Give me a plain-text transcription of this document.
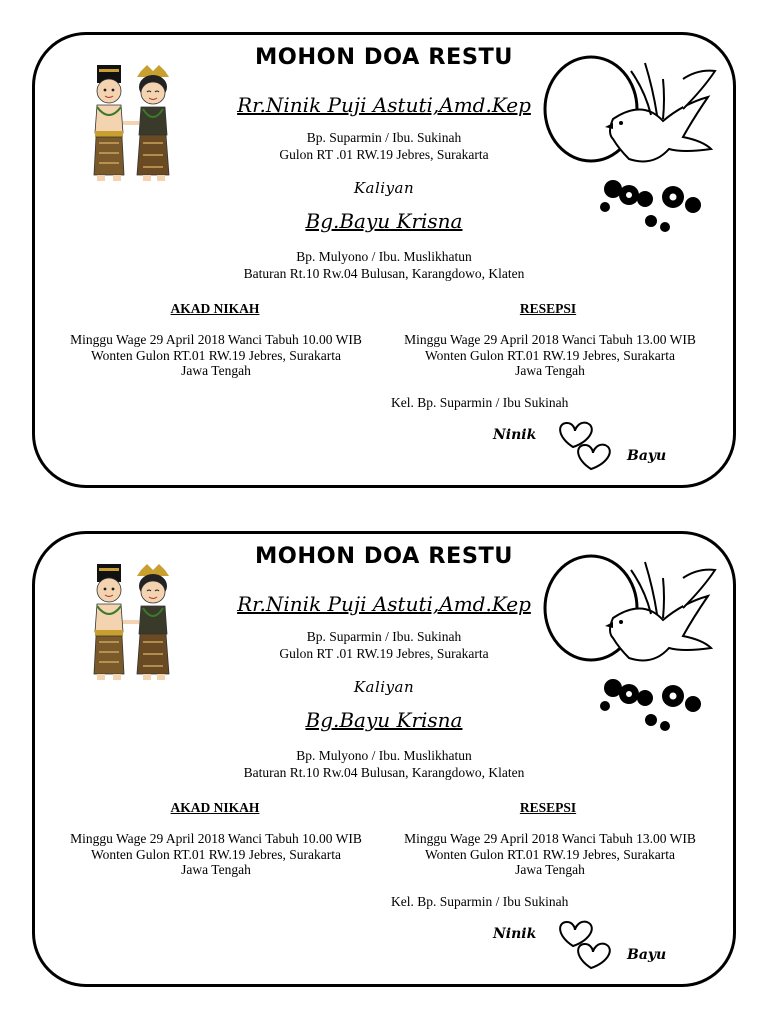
MOHON DOA RESTU
Rr.Ninik Puji Astuti,Amd.Kep
Bp. Suparmin / Ibu. Sukinah
Gulon RT .01 RW.19 Jebres, Surakarta
Kaliyan
Bg.Bayu Krisna
Bp. Mulyono / Ibu. Muslikhatun
Baturan Rt.10 Rw.04 Bulusan, Karangdowo, Klaten
AKAD NIKAH	RESEPSI
Minggu Wage 29 April 2018 Wanci Tabuh 10.00 WIB
Wonten Gulon RT.01 RW.19 Jebres, Surakarta
Jawa Tengah
Minggu Wage 29 April 2018 Wanci Tabuh 13.00 WIB
Wonten Gulon RT.01 RW.19 Jebres, Surakarta
Jawa Tengah
Kel. Bp. Suparmin / Ibu Sukinah
Ninik
Bayu
MOHON DOA RESTU
Rr.Ninik Puji Astuti,Amd.Kep
Bp. Suparmin / Ibu. Sukinah
Gulon RT .01 RW.19 Jebres, Surakarta
Kaliyan
Bg.Bayu Krisna
Bp. Mulyono / Ibu. Muslikhatun
Baturan Rt.10 Rw.04 Bulusan, Karangdowo, Klaten
AKAD NIKAH	RESEPSI
Minggu Wage 29 April 2018 Wanci Tabuh 10.00 WIB
Wonten Gulon RT.01 RW.19 Jebres, Surakarta
Jawa Tengah
Minggu Wage 29 April 2018 Wanci Tabuh 13.00 WIB
Wonten Gulon RT.01 RW.19 Jebres, Surakarta
Jawa Tengah
Kel. Bp. Suparmin / Ibu Sukinah
Ninik
Bayu
